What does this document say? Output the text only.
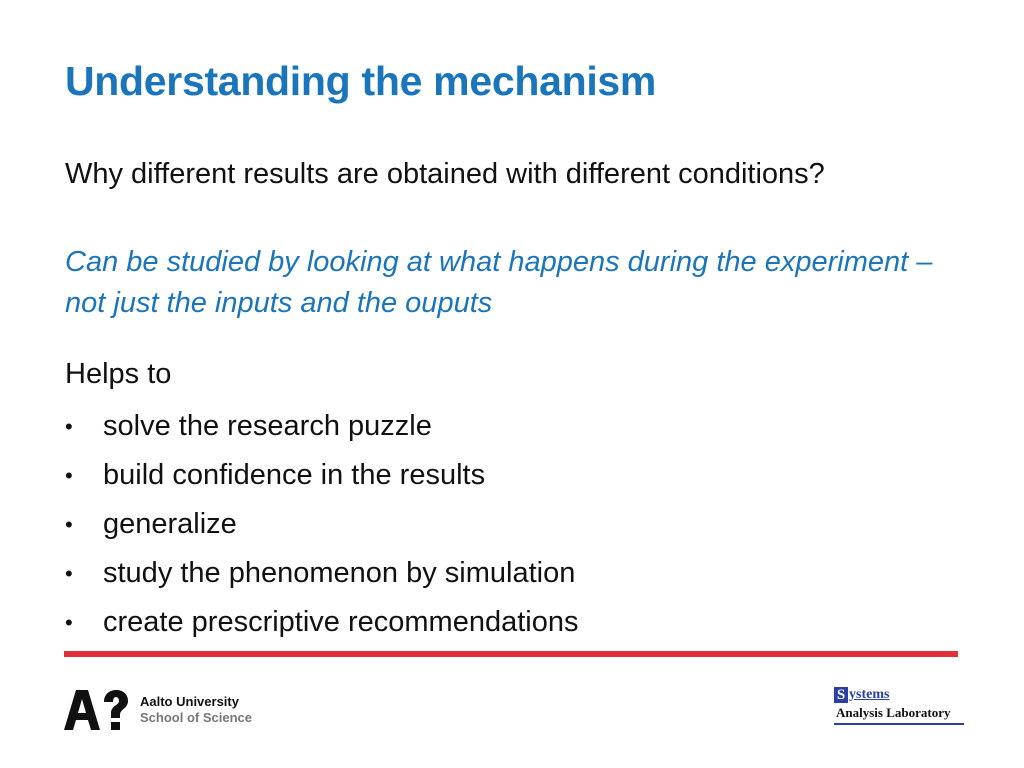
Understanding the mechanism

Why different results are obtained with different conditions?

Can be studied by looking at what happens during the experiment – not just the inputs and the ouputs

Helps to

•	solve the research puzzle
•	build confidence in the results
•	generalize
•	study the phenomenon by simulation
•	create prescriptive recommendations
Aalto University
School of Science
S ystems
Analysis Laboratory
